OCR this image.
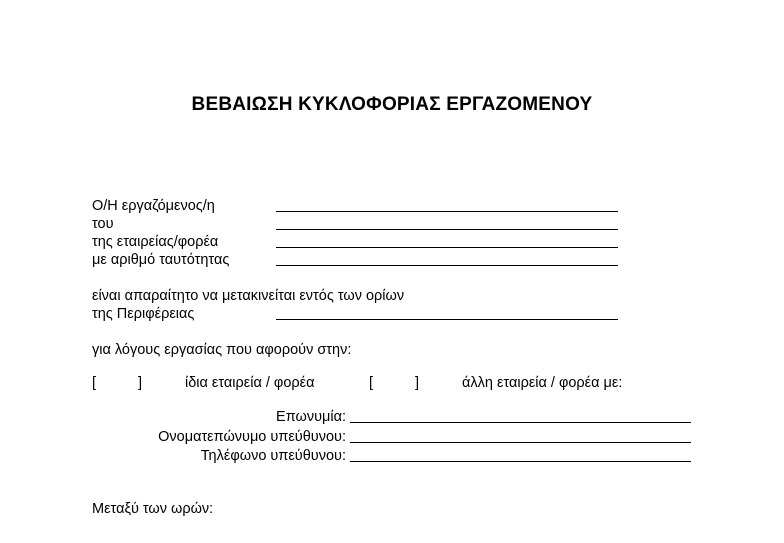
ΒΕΒΑΙΩΣΗ ΚΥΚΛΟΦΟΡΙΑΣ ΕΡΓΑΖΟΜΕΝΟΥ
Ο/Η εργαζόμενος/η
του
της εταιρείας/φορέα
με αριθμό ταυτότητας
είναι απαραίτητο να μετακινείται εντός των ορίων
της Περιφέρειας
για λόγους εργασίας που αφορούν στην:
[	]	ίδια εταιρεία / φορέα	[	]	άλλη εταιρεία / φορέα με:
Επωνυμία:
Ονοματεπώνυμο υπεύθυνου:
Τηλέφωνο υπεύθυνου:
Μεταξύ των ωρών:
